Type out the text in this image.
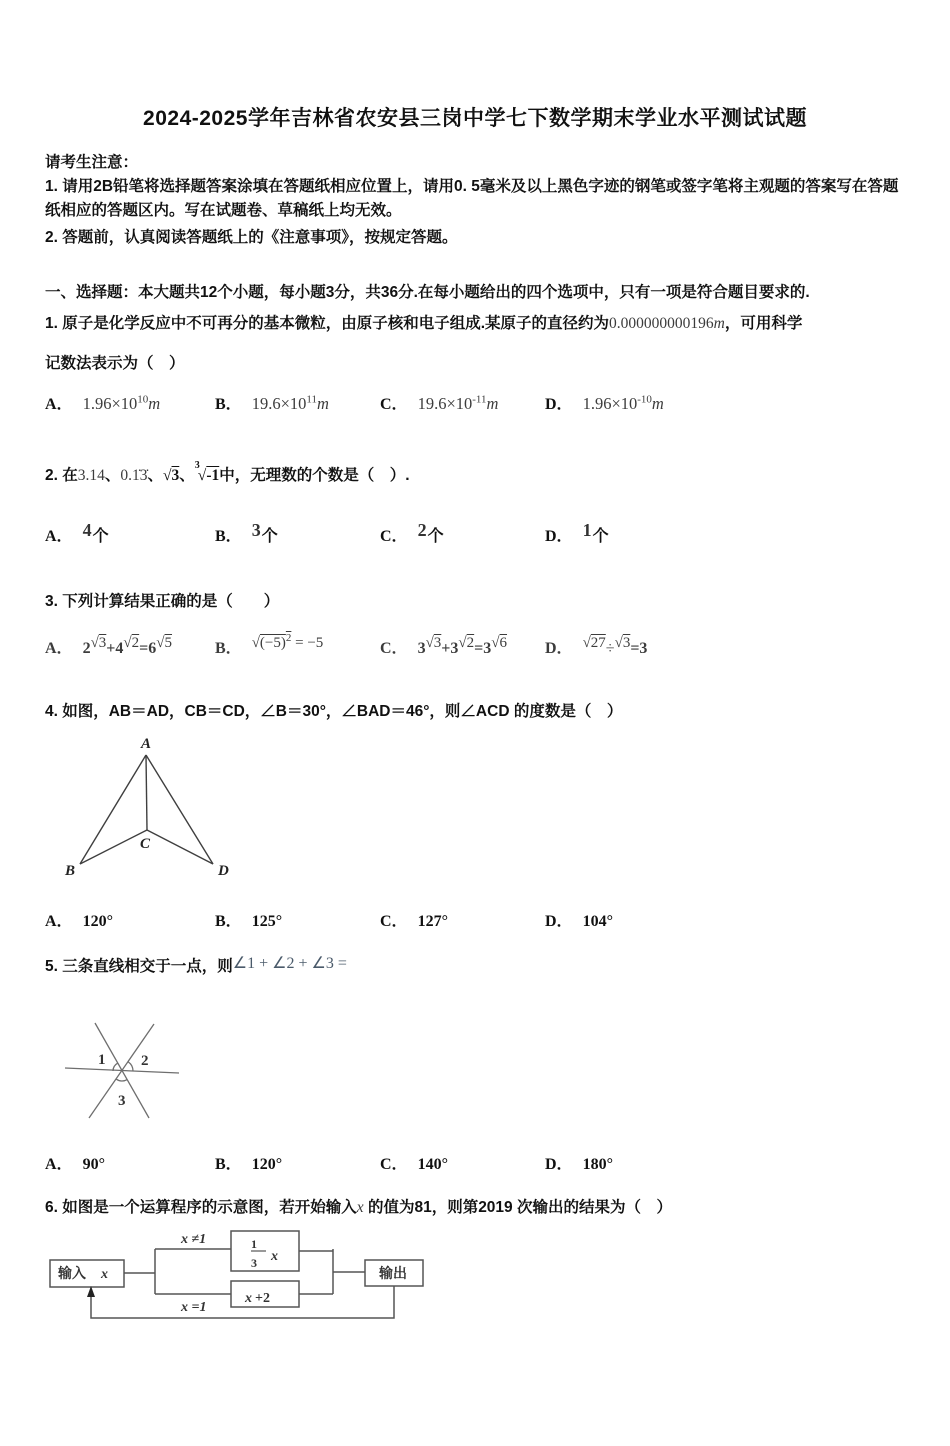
2024-2025学年吉林省农安县三岗中学七下数学期末学业水平测试试题
请考生注意：

1. 请用2B铅笔将选择题答案涂填在答题纸相应位置上，请用0. 5毫米及以上黑色字迹的钢笔或签字笔将主观题的答案写在答题纸相应的答题区内。写在试题卷、草稿纸上均无效。

2. 答题前，认真阅读答题纸上的《注意事项》，按规定答题。

一、选择题：本大题共12个小题，每小题3分，共36分.在每小题给出的四个选项中，只有一项是符合题目要求的.

1. 原子是化学反应中不可再分的基本微粒，由原子核和电子组成.某原子的直径约为0.000000000196m，可用科学

记数法表示为（　）

A． $1.96\times 10^{10}m$	B． $19.6\times 10^{11}m$	C． $19.6\times 10^{-11}m$	D． $1.96\times 10^{-10}m$

2. 在3.14、0.1̇3̇、√3、$^3$√-1中，无理数的个数是（　）.

A． 4个	B． 3个	C． 2个	D． 1个

3. 下列计算结果正确的是（　　）

A． 2√3+4√2=6√5	B． $√(-5)^2 = -5$	C． 3√3+3√2=3√6	D． √27÷√3=3

4. 如图，AB＝AD，CB＝CD，∠B＝30°，∠BAD＝46°，则∠ACD 的度数是（　）

A
B
C
D
A． 120°	B． 125°	C． 127°	D． 104°

5. 三条直线相交于一点，则∠1 + ∠2 + ∠3 =

1 2
3
A． 90°	B． 120°	C． 140°	D． 180°

6. 如图是一个运算程序的示意图，若开始输入x 的值为81，则第2019 次输出的结果为（　）

输入 x
x ≠1	1
3 x
x =1
x +2
输出
